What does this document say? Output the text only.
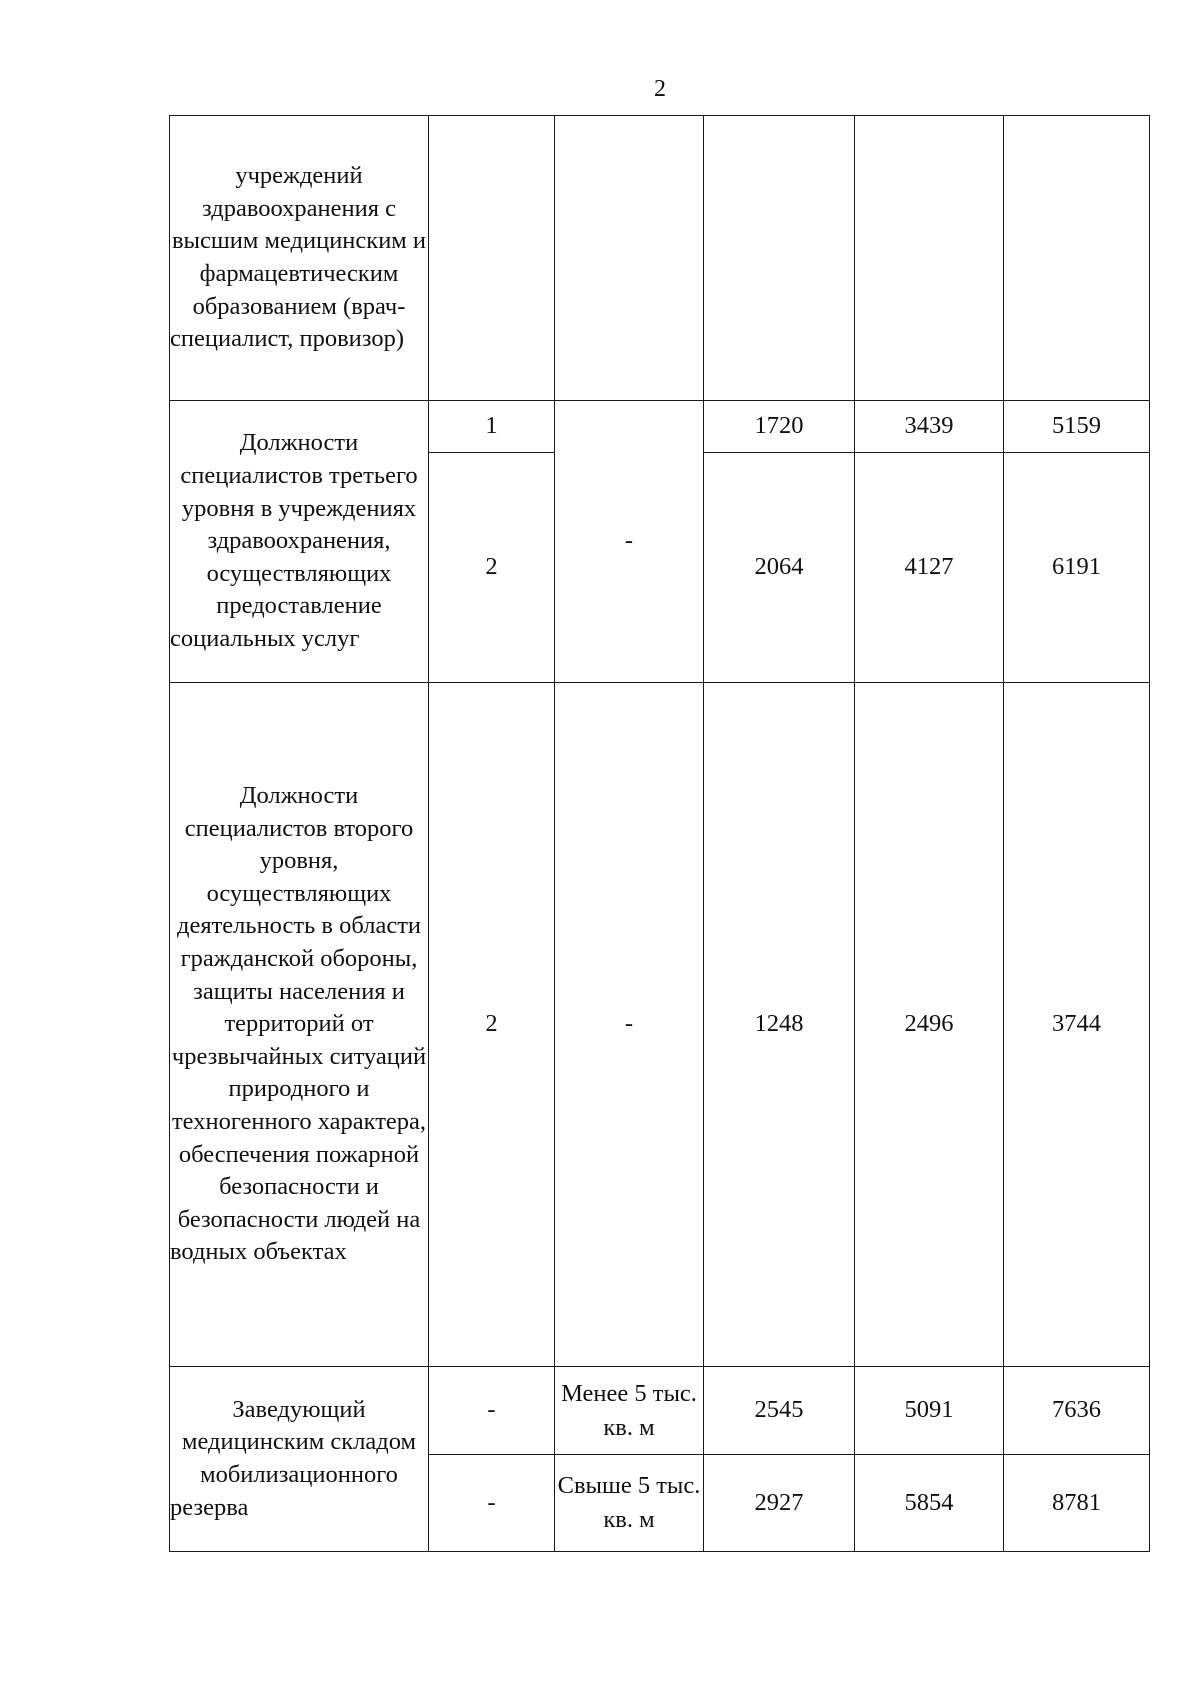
2
учреждений здравоохранения с высшим медицинским и фармацевтическим образованием (врач-специалист, провизор)					
Должности специалистов третьего уровня в учреждениях здравоохранения, осуществляющих предоставление социальных услуг	1	-	1720	3439	5159
	2		2064	4127	6191
Должности специалистов второго уровня, осуществляющих деятельность в области гражданской обороны, защиты населения и территорий от чрезвычайных ситуаций природного и техногенного характера, обеспечения пожарной безопасности и безопасности людей на водных объектах	2	-	1248	2496	3744
Заведующий медицинским складом мобилизационного резерва	-	Менее 5 тыс. кв. м	2545	5091	7636
	-	Свыше 5 тыс. кв. м	2927	5854	8781
